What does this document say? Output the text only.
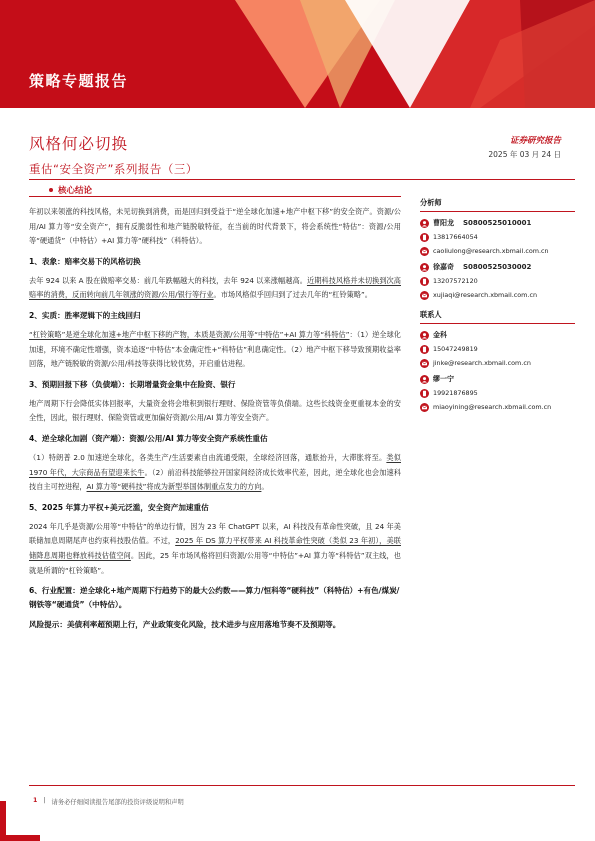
策略专题报告
风格何必切换
重估“安全资产”系列报告（三）
证券研究报告
2025 年 03 月 24 日
核心结论

年初以来领涨的科技风格，未见切换到消费，而是回归到受益于“逆全球化加速+地产中枢下移”的安全资产。资源/公用/AI 算力等“安全资产”，拥有反脆弱性和地产链脱敏特征，在当前的时代背景下，将会系统性“特估”：资源/公用等“硬通货”（中特估）+AI 算力等“硬科技”（科特估）。

1、表象：赔率交易下的风格切换

去年 924 以来 A 股在做赔率交易：前几年跌幅越大的科技，去年 924 以来涨幅越高。近期科技风格并未切换到次高赔率的消费，反而转向前几年领涨的资源/公用/银行等行业。市场风格似乎回归到了过去几年的“杠铃策略”。

2、实质：胜率逻辑下的主线回归

“杠铃策略”是逆全球化加速+地产中枢下移的产物，本质是资源/公用等“中特估”+AI 算力等“科特估”：（1）逆全球化加速，环境不确定性增强，资本追逐“中特估”本金确定性+“科特估”利息确定性。（2）地产中枢下移导致预期收益率回落，地产链脱敏的资源/公用/科技等获得比较优势，开启重估进程。

3、预期回报下移（负债端）：长期增量资金集中在险资、银行

地产周期下行会降低实体回报率，大量资金将会堆积到银行理财、保险资管等负债端。这些长线资金更重视本金的安全性，因此，银行理财、保险资管或更加偏好资源/公用/AI 算力等安全资产。

4、逆全球化加剧（资产端）：资源/公用/AI 算力等安全资产系统性重估

（1）特朗普 2.0 加速逆全球化，各类生产/生活要素自由流通受限，全球经济回落，通胀抬升，大滞胀将至。类似 1970 年代，大宗商品有望迎来长牛。（2）前沿科技能够拉开国家间经济成长效率代差，因此，逆全球化也会加速科技自主可控进程，AI 算力等“硬科技”将成为新型举国体制重点发力的方向。

5、2025 年算力平权+美元泛滥，安全资产加速重估

2024 年几乎是资源/公用等“中特估”的单边行情，因为 23 年 ChatGPT 以来，AI 科技没有革命性突破，且 24 年美联储加息周期尾声也约束科技股估值。不过，2025 年 DS 算力平权带来 AI 科技革命性突破（类似 23 年初），美联储降息周期也释放科技估值空间。因此，25 年市场风格将回归资源/公用等“中特估”+AI 算力等“科特估”双主线，也就是所谓的“杠铃策略”。

6、行业配置：逆全球化+地产周期下行趋势下的最大公约数——算力/恒科等“硬科技”（科特估）+有色/煤炭/钢铁等“硬通货”（中特估）。
风险提示：美债利率超预期上行，产业政策变化风险，技术进步与应用落地节奏不及预期等。
分析师
曹阳龙	S0800525010001
13817664054
caoliulong@research.xbmail.com.cn
徐嘉奇	S0800525030002
13207572120
xujiaqi@research.xbmail.com.cn
联系人
金科
15047249819
jinke@research.xbmail.com.cn
缪一宁
19921876895
miaoyining@research.xbmail.com.cn
1 | 请务必仔细阅读报告尾部的投资评级说明和声明
